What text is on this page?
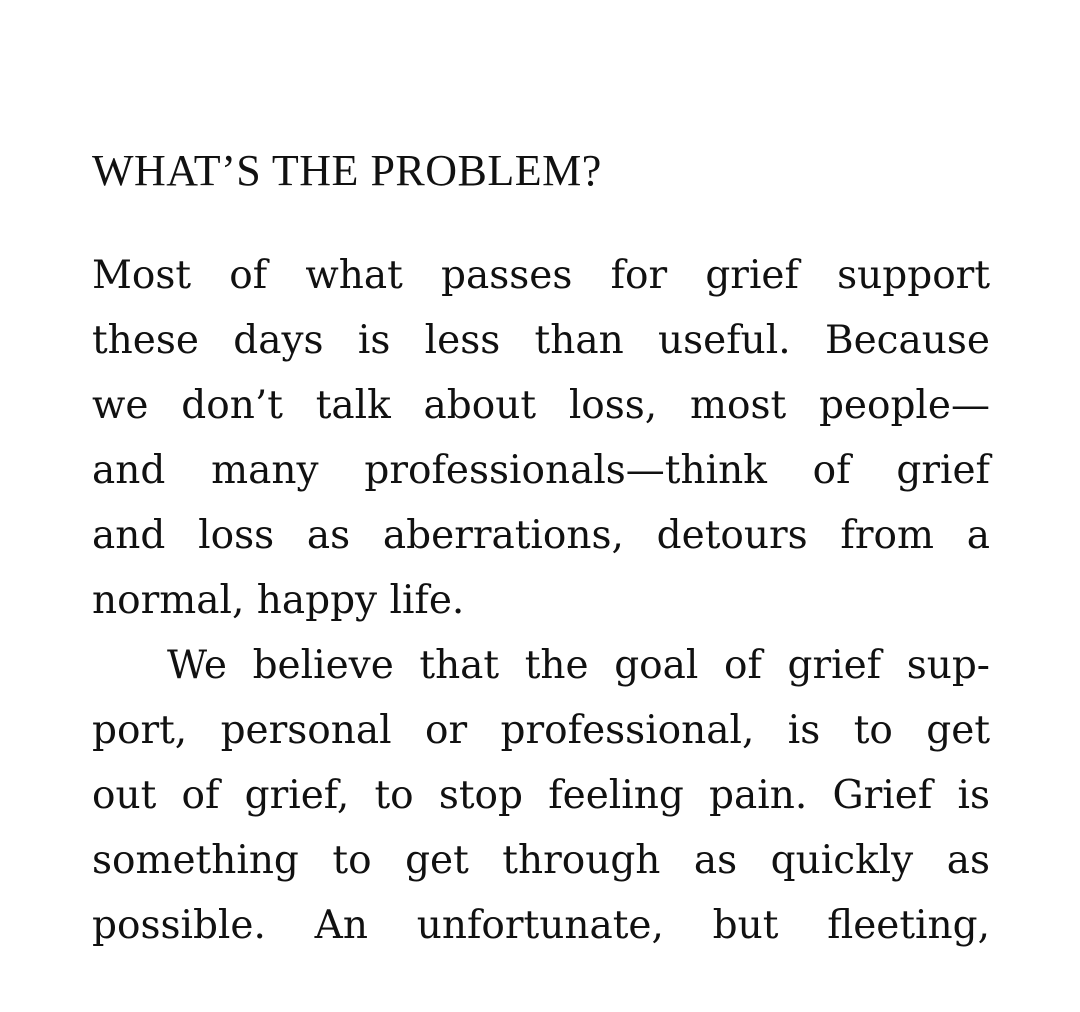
WHAT’S THE PROBLEM?
Most of what passes for grief support
these days is less than useful. Because
we don’t talk about loss, most people—
and many professionals—think of grief
and loss as aberrations, detours from a
normal, happy life.
We believe that the goal of grief sup-
port, personal or professional, is to get
out of grief, to stop feeling pain. Grief is
something to get through as quickly as
possible. An unfortunate, but fleeting,
